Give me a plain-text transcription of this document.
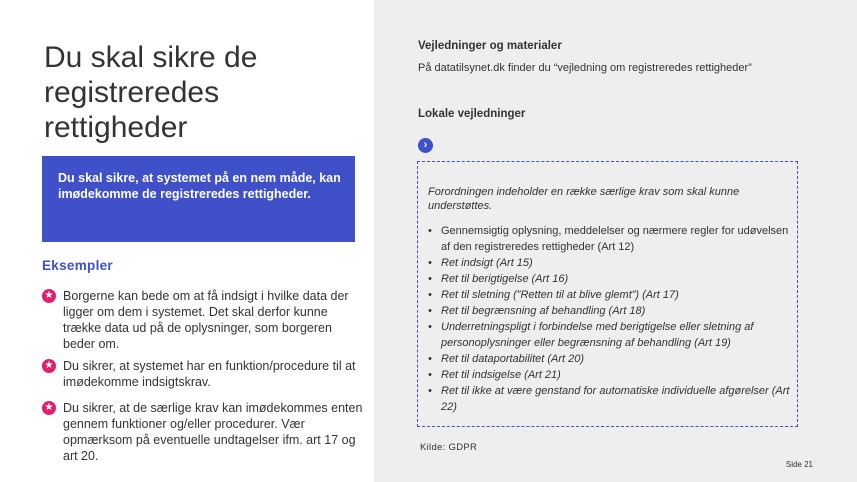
Du skal sikre de registreredes rettigheder

Du skal sikre, at systemet på en nem måde, kan imødekomme de registreredes rettigheder.

Eksempler

★ Borgerne kan bede om at få indsigt i hvilke data der ligger om dem i systemet. Det skal derfor kunne trække data ud på de oplysninger, som borgeren beder om.

★ Du sikrer, at systemet har en funktion/procedure til at imødekomme indsigtskrav.

★ Du sikrer, at de særlige krav kan imødekommes enten gennem funktioner og/eller procedurer. Vær opmærksom på eventuelle undtagelser ifm. art 17 og art 20.

Vejledninger og materialer

På datatilsynet.dk finder du “vejledning om registreredes rettigheder”

Lokale vejledninger

›

Forordningen indeholder en række særlige krav som skal kunne understøttes.

• Gennemsigtig oplysning, meddelelser og nærmere regler for udøvelsen af den registreredes rettigheder (Art 12)
• Ret indsigt (Art 15)
• Ret til berigtigelse (Art 16)
• Ret til sletning (”Retten til at blive glemt”) (Art 17)
• Ret til begrænsning af behandling (Art 18)
• Underretningspligt i forbindelse med berigtigelse eller sletning af personoplysninger eller begrænsning af behandling (Art 19)
• Ret til dataportabilitet (Art 20)
• Ret til indsigelse (Art 21)
• Ret til ikke at være genstand for automatiske individuelle afgørelser (Art 22)

Kilde: GDPR

Side 21
